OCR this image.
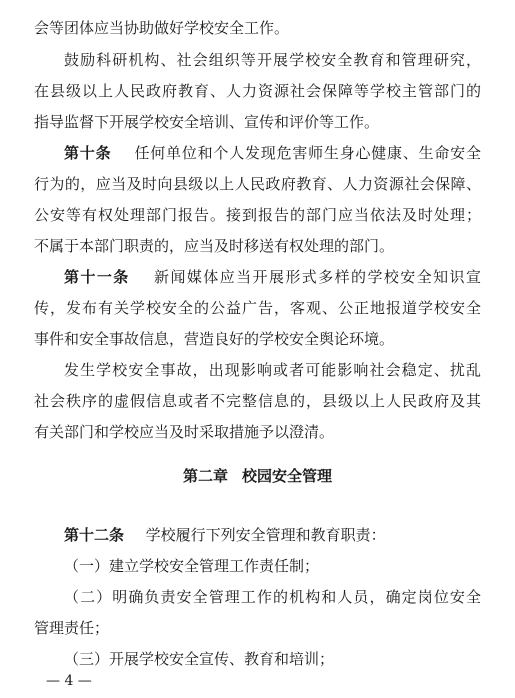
会等团体应当协助做好学校安全工作。
鼓励科研机构、社会组织等开展学校安全教育和管理研究，
在县级以上人民政府教育、人力资源社会保障等学校主管部门的
指导监督下开展学校安全培训、宣传和评价等工作。
第十条 任何单位和个人发现危害师生身心健康、生命安全
行为的，应当及时向县级以上人民政府教育、人力资源社会保障、
公安等有权处理部门报告。接到报告的部门应当依法及时处理；
不属于本部门职责的，应当及时移送有权处理的部门。
第十一条 新闻媒体应当开展形式多样的学校安全知识宣
传，发布有关学校安全的公益广告，客观、公正地报道学校安全
事件和安全事故信息，营造良好的学校安全舆论环境。
发生学校安全事故，出现影响或者可能影响社会稳定、扰乱
社会秩序的虚假信息或者不完整信息的，县级以上人民政府及其
有关部门和学校应当及时采取措施予以澄清。
第二章 校园安全管理
第十二条 学校履行下列安全管理和教育职责：
（一）建立学校安全管理工作责任制；
（二）明确负责安全管理工作的机构和人员，确定岗位安全
管理责任；
（三）开展学校安全宣传、教育和培训；
— 4 —
